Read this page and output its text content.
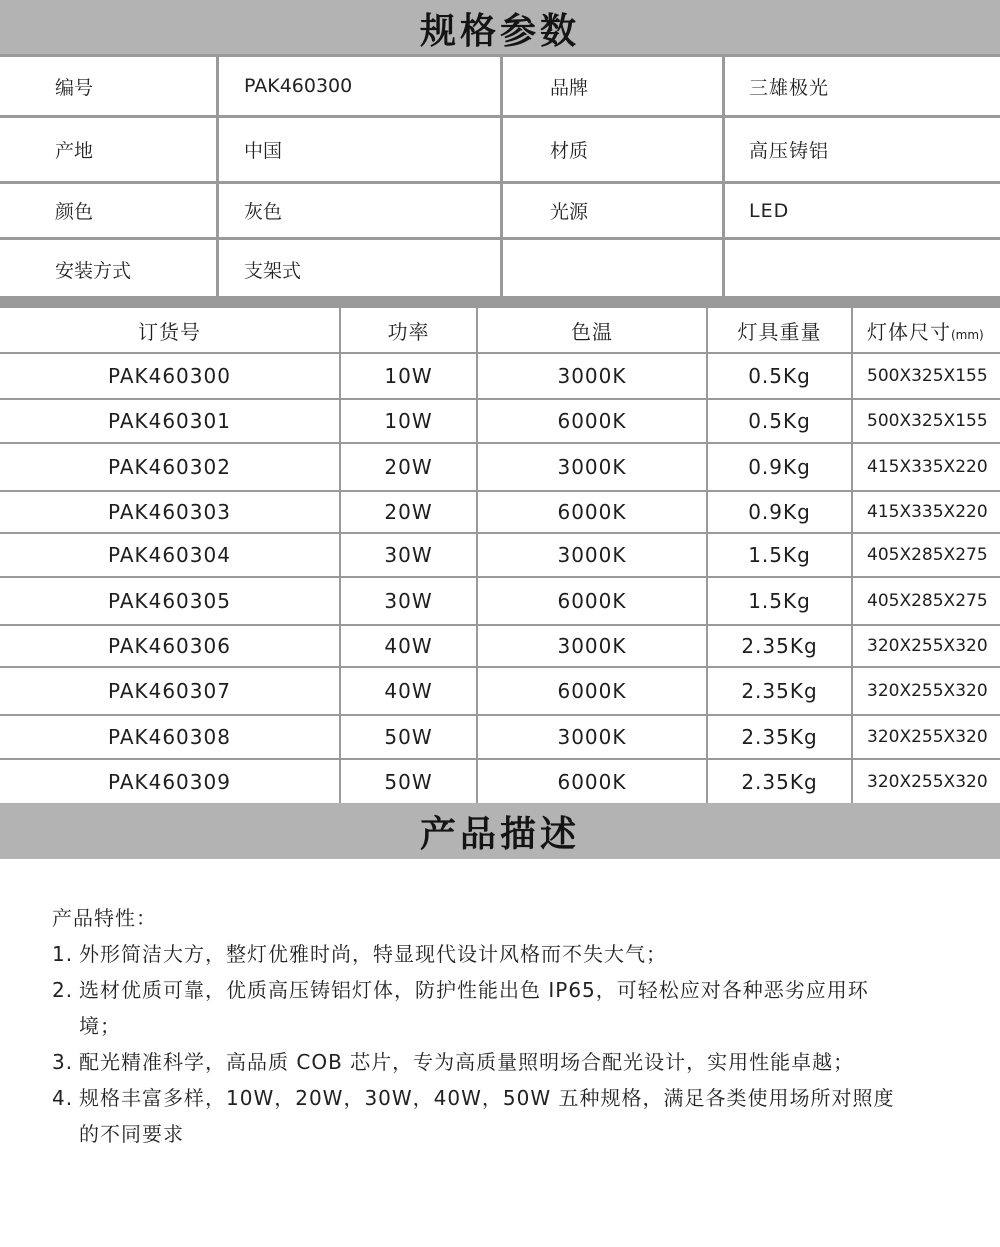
规格参数
编号	PAK460300	品牌	三雄极光
产地	中国	材质	高压铸铝
颜色	灰色	光源	LED
安装方式	支架式
订货号	功率	色温	灯具重量	灯体尺寸(mm)
PAK460300	10W	3000K	0.5Kg	500X325X155
PAK460301	10W	6000K	0.5Kg	500X325X155
PAK460302	20W	3000K	0.9Kg	415X335X220
PAK460303	20W	6000K	0.9Kg	415X335X220
PAK460304	30W	3000K	1.5Kg	405X285X275
PAK460305	30W	6000K	1.5Kg	405X285X275
PAK460306	40W	3000K	2.35Kg	320X255X320
PAK460307	40W	6000K	2.35Kg	320X255X320
PAK460308	50W	3000K	2.35Kg	320X255X320
PAK460309	50W	6000K	2.35Kg	320X255X320
产品描述
产品特性：
1. 外形简洁大方，整灯优雅时尚，特显现代设计风格而不失大气；
2. 选材优质可靠，优质高压铸铝灯体，防护性能出色 IP65，可轻松应对各种恶劣应用环境；
3. 配光精准科学，高品质 COB 芯片，专为高质量照明场合配光设计，实用性能卓越；
4. 规格丰富多样，10W，20W，30W，40W，50W 五种规格，满足各类使用场所对照度的不同要求
